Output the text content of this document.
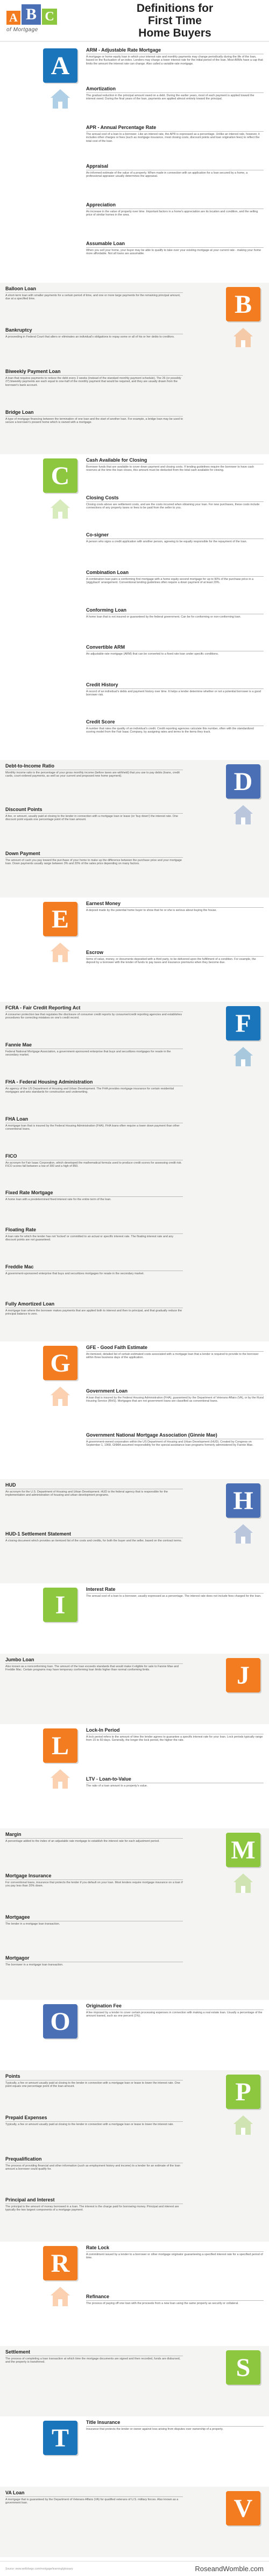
A B C
of Mortgage
Definitions for
First Time
Home Buyers
A
ARM - Adjustable Rate Mortgage

A mortgage or home equity loan in which your interest rate and monthly payments may change periodically during the life of the loan, based on the fluctuation of an index. Lenders may charge a lower interest rate for the initial period of the loan. Most ARMs have a cap that limits the amount the interest rate can change. Also called a variable-rate mortgage.

Amortization

The gradual reduction in the principal amount owed on a debt. During the earlier years, most of each payment is applied toward the interest owed. During the final years of the loan, payments are applied almost entirely toward the principal.

APR - Annual Percentage Rate

The annual cost of a loan to a borrower. Like an interest rate, the APR is expressed as a percentage. Unlike an interest rate, however, it includes other charges or fees (such as mortgage insurance, most closing costs, discount points and loan origination fees) to reflect the total cost of the loan.

Appraisal

An informed estimate of the value of a property. When made in connection with an application for a loan secured by a home, a professional appraiser usually determines the appraisal.

Appreciation

An increase in the value of property over time. Important factors in a home's appreciation are its location and condition, and the selling price of similar homes in the area.

Assumable Loan

When you sell your home, your buyer may be able to qualify to take over your existing mortgage at your current rate - making your home more affordable. Not all loans are assumable.

B
Balloon Loan

A short-term loan with smaller payments for a certain period of time, and one or more large payments for the remaining principal amount, due at a specified time.

Bankruptcy

A proceeding in Federal Court that alters or eliminates an individual's obligations to repay some or all of his or her debts to creditors.

Biweekly Payment Loan

A loan that requires payments to reduce the debt every 2 weeks (instead of the standard monthly payment schedule). The 26 (or possibly 27) biweekly payments are each equal to one-half of the monthly payment that would be required, and they are usually drawn from the borrower's bank account.

Bridge Loan

A type of mortgage financing between the termination of one loan and the start of another loan. For example, a bridge loan may be used to secure a borrower's present home which is owned with a mortgage.

C
Cash Available for Closing

Borrower funds that are available to cover down payment and closing costs. If lending guidelines require the borrower to have cash reserves at the time the loan closes, this amount must be deducted from the total cash available for closing.

Closing Costs

Closing costs above are settlement costs, and are the costs incurred when obtaining your loan. For new purchases, these costs include connections of any property taxes or fees to be paid from the seller to you.

Co-signer

A person who signs a credit application with another person, agreeing to be equally responsible for the repayment of the loan.

Combination Loan

A combination loan pairs a conforming first mortgage with a home equity second mortgage for up to 90% of the purchase price in a 'piggyback' arrangement. Conventional lending guidelines often require a down payment of at least 20%.

Conforming Loan

A home loan that is not insured or guaranteed by the federal government. Can be for conforming or non-conforming loan.

Convertible ARM

An adjustable-rate mortgage (ARM) that can be converted to a fixed rate loan under specific conditions.

Credit History

A record of an individual's debts and payment history over time. It helps a lender determine whether or not a potential borrower is a good borrower risk.

Credit Score

A number that rates the quality of an individual's credit. Credit reporting agencies calculate this number, often with the standardized scoring model from the Fair Isaac Company, by assigning rates and terms to the items they track.

D
Debt-to-Income Ratio

Monthly income ratio is the percentage of your gross monthly income (before taxes are withheld) that you use to pay debts (loans, credit cards, court-ordered payments, as well as your current and proposed new home payment).

Discount Points

A fee, or amount, usually paid at closing to the lender in connection with a mortgage loan or lease (or 'buy down') the interest rate. One discount point equals one percentage point of the loan amount.

Down Payment

The amount of cash you pay toward the purchase of your home to make up the difference between the purchase price and your mortgage loan. Down payments usually range between 3% and 20% of the sales price depending on many factors.

E
Earnest Money

A deposit made by the potential home buyer to show that he or she is serious about buying the house.

Escrow

Items of value, money, or documents deposited with a third party, to be delivered upon the fulfillment of a condition. For example, the deposit by a borrower with the lender of funds to pay taxes and insurance premiums when they become due.

F
FCRA - Fair Credit Reporting Act

A consumer protection law that regulates the disclosure of consumer credit reports by consumer/credit reporting agencies and establishes procedures for correcting mistakes on one's credit record.

Fannie Mae

Federal National Mortgage Association, a government-sponsored enterprise that buys and securitizes mortgages for resale in the secondary market.

FHA - Federal Housing Administration

An agency of the US Department of Housing and Urban Development. The FHA provides mortgage insurance for certain residential mortgages and sets standards for construction and underwriting.

FHA Loan

A mortgage loan that is insured by the Federal Housing Administration (FHA). FHA loans often require a lower down payment than other conventional loans.

FICO

An acronym for Fair Isaac Corporation, which developed the mathematical formula used to produce credit scores for assessing credit risk. FICO scores fall between a low of 300 and a high of 850.

Fixed Rate Mortgage

A home loan with a predetermined fixed interest rate for the entire term of the loan.

Floating Rate

A loan rate for which the lender has not 'locked' or committed to an actual or specific interest rate. The floating interest rate and any discount points are not guaranteed.

Freddie Mac

A government-sponsored enterprise that buys and securitizes mortgages for resale in the secondary market.

Fully Amortized Loan

A mortgage loan where the borrower makes payments that are applied both to interest and then to principal, and that gradually reduce the principal balance to zero.

G
GFE - Good Faith Estimate

An itemized, detailed list of certain estimated costs associated with a mortgage loan that a lender is required to provide to the borrower within three business days of the application.

Government Loan

A loan that is insured by the Federal Housing Administration (FHA), guaranteed by the Department of Veterans Affairs (VA), or by the Rural Housing Service (RHS). Mortgages that are not government loans are classified as conventional loans.

Government National Mortgage Association (Ginnie Mae)

A government-owned corporation within the US Department of Housing and Urban Development (HUD). Created by Congress on September 1, 1968, GNMA assumed responsibility for the special assistance loan programs formerly administered by Fannie Mae.

H
HUD

An acronym for the U.S. Department of Housing and Urban Development. HUD is the federal agency that is responsible for the implementation and administration of housing and urban development programs.

HUD-1 Settlement Statement

A closing document which provides an itemized list of the costs and credits, for both the buyer and the seller, based on the contract terms.

I
Interest Rate

The annual cost of a loan to a borrower, usually expressed as a percentage. The interest rate does not include fees charged for the loan.

J
Jumbo Loan

Also known as a nonconforming loan. The amount of the loan exceeds standards that would make it eligible for sale to Fannie Mae and Freddie Mac. Certain programs may have temporary conforming loan limits higher than normal conforming limits.

L
Lock-In Period

A lock period refers to the amount of time the lender agrees to guarantee a specific interest rate for your loan. Lock periods typically range from 15 to 60 days. Generally, the longer the lock period, the higher the rate.

LTV - Loan-to-Value

The ratio of a loan amount to a property's value.

M
Margin

A percentage added to the index of an adjustable rate mortgage to establish the interest rate for each adjustment period.

Mortgage Insurance

For conventional loans, insurance that protects the lender if you default on your loan. Most lenders require mortgage insurance on a loan if you pay less than 20% down.

Mortgagee

The lender in a mortgage loan transaction.

Mortgagor

The borrower in a mortgage loan transaction.

O
Origination Fee

A fee imposed by a lender to cover certain processing expenses in connection with making a real estate loan. Usually a percentage of the amount loaned, such as one percent (1%).

P
Points

Typically, a fee or amount usually paid at closing to the lender in connection with a mortgage loan or lease to lower the interest rate. One point equals one percentage point of the loan amount.

Prepaid Expenses

Typically, a fee or amount usually paid at closing to the lender in connection with a mortgage loan or lease to lower the interest rate.

Prequalification

The process of providing financial and other information (such as employment history and income) to a lender for an estimate of the loan amount a borrower could qualify for.

Principal and Interest

The principal is the amount of money borrowed in a loan. The interest is the charge paid for borrowing money. Principal and interest are typically the two largest components of a mortgage payment.

R
Rate Lock

A commitment issued by a lender to a borrower or other mortgage originator guaranteeing a specified interest rate for a specified period of time.

Refinance

The process of paying off one loan with the proceeds from a new loan using the same property as security or collateral.

S
Settlement

The process of completing a loan transaction at which time the mortgage documents are signed and then recorded, funds are disbursed, and the property is transferred.

T
Title Insurance

Insurance that protects the lender or owner against loss arising from disputes over ownership of a property.

V
VA Loan

A mortgage that is guaranteed by the Department of Veterans Affairs (VA) for qualified veterans of U.S. military forces. Also known as a government loan.

Source: www.wellsfargo.com/mortgage/learning/glossary	RoseandWomble.com
